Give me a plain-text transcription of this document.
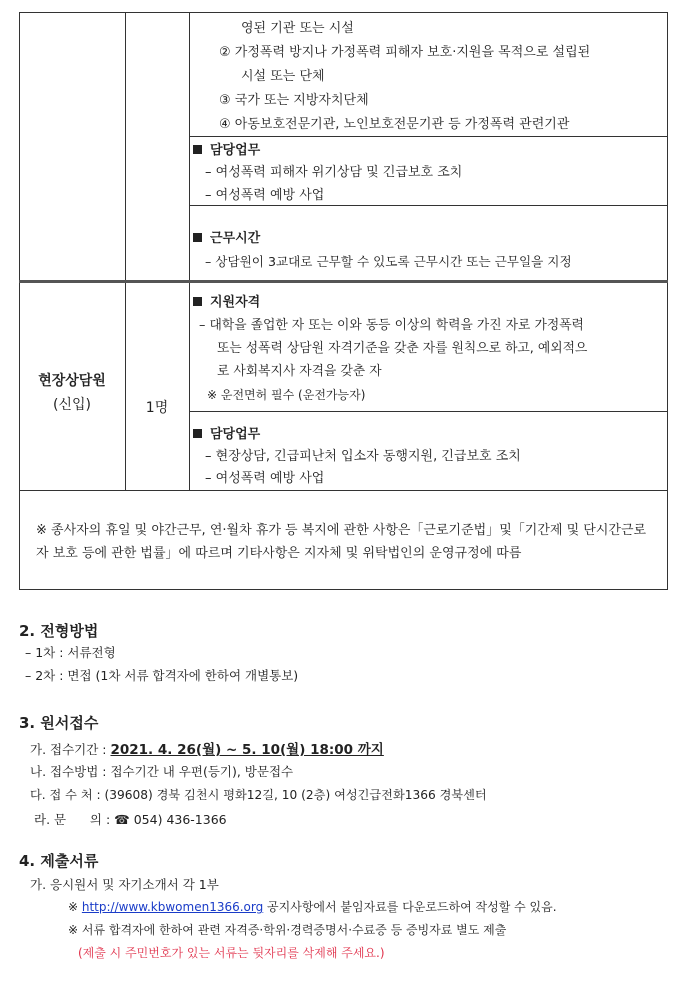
영된 기관 또는 시설
② 가정폭력 방지나 가정폭력 피해자 보호·지원을 목적으로 설립된
시설 또는 단체
③ 국가 또는 지방자치단체
④ 아동보호전문기관, 노인보호전문기관 등 가정폭력 관련기관
담당업무
– 여성폭력 피해자 위기상담 및 긴급보호 조치
– 여성폭력 예방 사업
근무시간
– 상담원이 3교대로 근무할 수 있도록 근무시간 또는 근무일을 지정
현장상담원
(신입)	1명
지원자격
– 대학을 졸업한 자 또는 이와 동등 이상의 학력을 가진 자로 가정폭력
또는 성폭력 상담원 자격기준을 갖춘 자를 원칙으로 하고, 예외적으
로 사회복지사 자격을 갖춘 자
※ 운전면허 필수 (운전가능자)
담당업무
– 현장상담, 긴급피난처 입소자 동행지원, 긴급보호 조치
– 여성폭력 예방 사업
※ 종사자의 휴일 및 야간근무, 연·월차 휴가 등 복지에 관한 사항은「근로기준법」및「기간제 및 단시간근로자 보호 등에 관한 법률」에 따르며 기타사항은 지자체 및 위탁법인의 운영규정에 따름
2. 전형방법
– 1차 : 서류전형
– 2차 : 면접 (1차 서류 합격자에 한하여 개별통보)
3. 원서접수
가. 접수기간 : 2021. 4. 26(월) ~ 5. 10(월) 18:00 까지
나. 접수방법 : 접수기간 내 우편(등기), 방문접수
다. 접 수 처 : (39608) 경북 김천시 평화12길, 10 (2층) 여성긴급전화1366 경북센터
라. 문      의 : ☎ 054) 436-1366
4. 제출서류
가. 응시원서 및 자기소개서 각 1부
※ http://www.kbwomen1366.org 공지사항에서 붙임자료를 다운로드하여 작성할 수 있음.
※ 서류 합격자에 한하여 관련 자격증·학위·경력증명서·수료증 등 증빙자료 별도 제출
(제출 시 주민번호가 있는 서류는 뒷자리를 삭제해 주세요.)
